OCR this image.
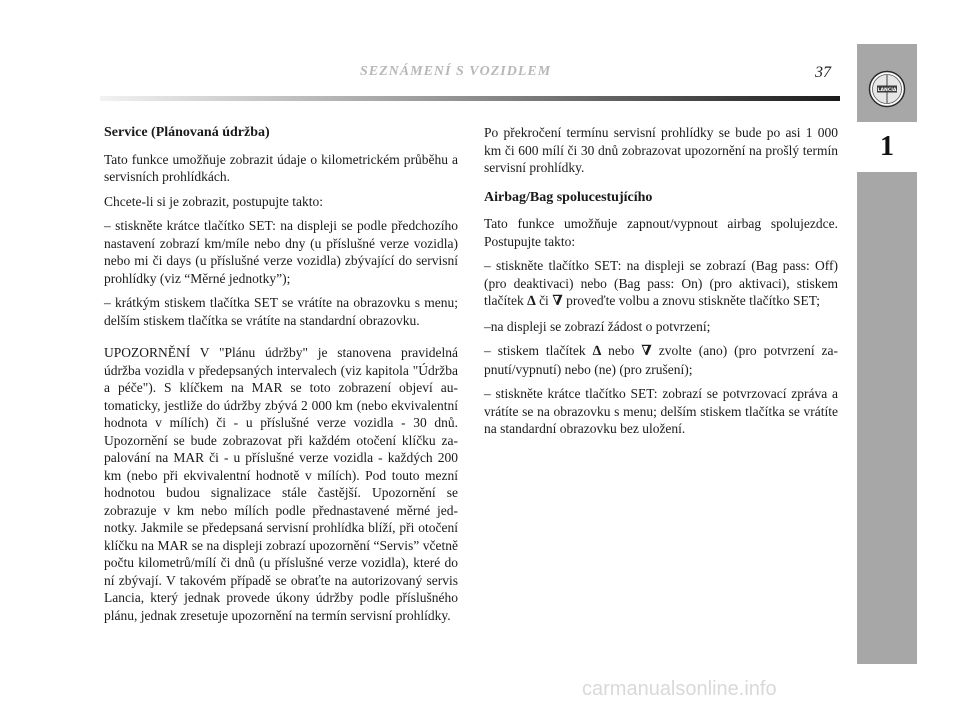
SEZNÁMENÍ S VOZIDLEM	37
LANCIA
1
Service (Plánovaná údržba)

Tato funkce umožňuje zobrazit údaje o kilometrickém průběhu a servisních prohlídkách.

Chcete-li si je zobrazit, postupujte takto:

– stiskněte krátce tlačítko SET: na displeji se podle předchozího nastavení zobrazí km/míle nebo dny (u příslušné verze vozidla) nebo mi či days (u příslušné verze vozidla) zbývající do servisní prohlídky (viz “Měrné jednotky”);

– krátkým stiskem tlačítka SET se vrátíte na obrazovku s menu; delším stiskem tlačítka se vrátíte na standardní obrazovku.

UPOZORNĚNÍ V "Plánu údržby" je stanovena pravidelná údržba vozidla v předepsaných intervalech (viz kapitola "Údržba a péče"). S klíčkem na MAR se toto zobrazení objeví automaticky, jestliže do údržby zbývá 2 000 km (nebo ekvivalentní hodnota v mílích) či - u příslušné verze vozidla - 30 dnů. Upozornění se bude zobrazovat při každém otočení klíčku zapalování na MAR či - u příslušné verze vozidla - každých 200 km (nebo při ekvivalentní hodnotě v mílích). Pod touto mezní hodnotou budou signalizace stále častější. Upozornění se zobrazuje v km nebo mílích podle přednastavené měrné jednotky. Jakmile se předepsaná servisní prohlídka blíží, při otočení klíčku na MAR se na displeji zobrazí upozornění “Servis” včetně počtu kilometrů/mílí či dnů (u příslušné verze vozidla), které do ní zbývají. V takovém případě se obraťte na autorizovaný servis Lancia, který jednak provede úkony údržby podle příslušného plánu, jednak zresetuje upozornění na termín servisní prohlídky.

Po překročení termínu servisní prohlídky se bude po asi 1 000 km či 600 mílí či 30 dnů zobrazovat upozornění na prošlý termín servisní prohlídky.

Airbag/Bag spolucestujícího

Tato funkce umožňuje zapnout/vypnout airbag spolujezdce. Postupujte takto:

– stiskněte tlačítko SET: na displeji se zobrazí (Bag pass: Off) (pro deaktivaci) nebo (Bag pass: On) (pro aktivaci), stiskem tlačítek ∆ či ∇ proveďte volbu a znovu stiskněte tlačítko SET;

–na displeji se zobrazí žádost o potvrzení;

– stiskem tlačítek ∆ nebo ∇ zvolte (ano) (pro potvrzení zapnutí/vypnutí) nebo (ne) (pro zrušení);

– stiskněte krátce tlačítko SET: zobrazí se potvrzovací zpráva a vrátíte se na obrazovku s menu; delším stiskem tlačítka se vrátíte na standardní obrazovku bez uložení.

carmanualsonline.info
